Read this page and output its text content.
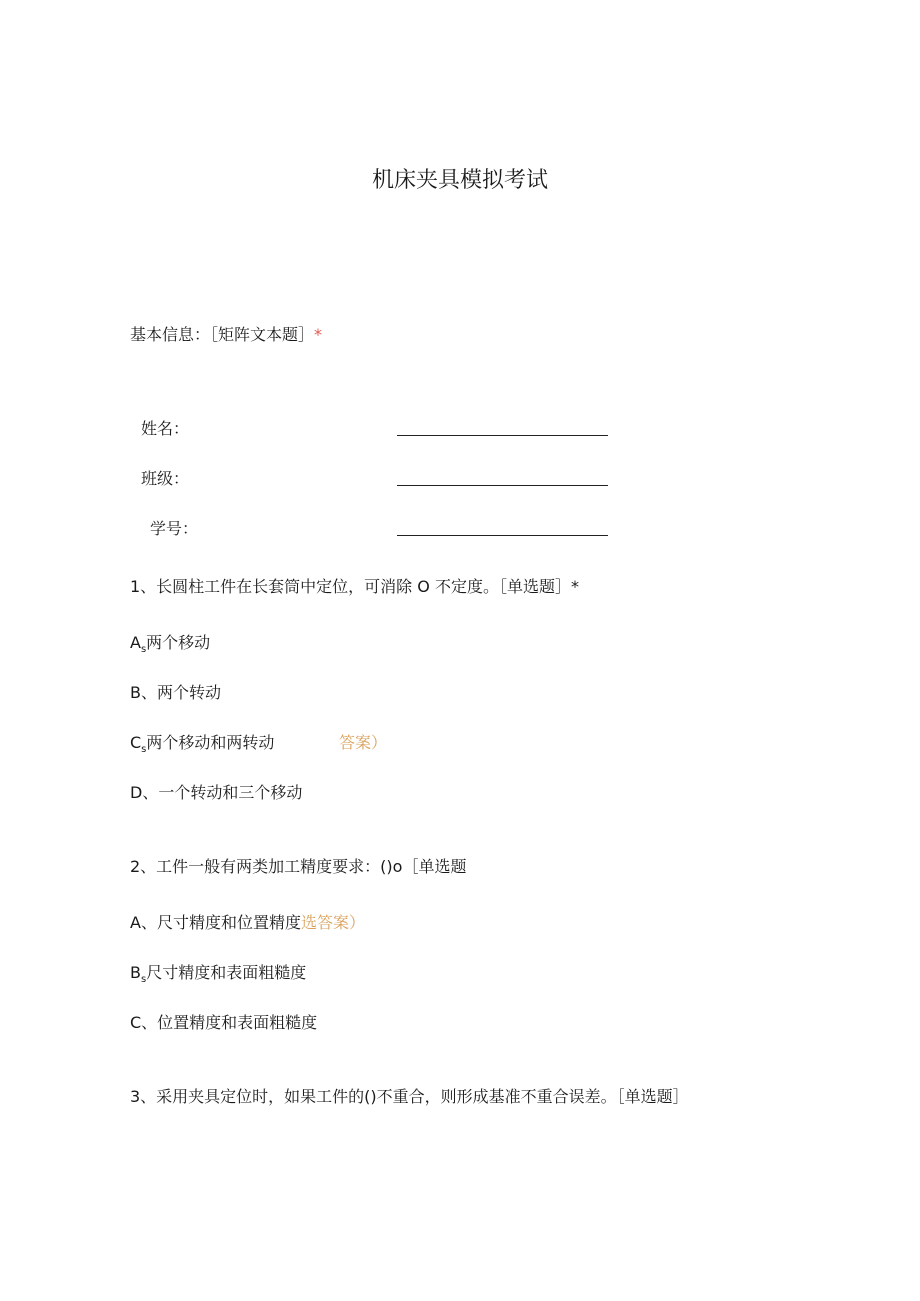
机床夹具模拟考试
基本信息：［矩阵文本题］*
姓名：
班级：
学号：
1、长圆柱工件在长套筒中定位，可消除 O 不定度。［单选题］*
$A_s$两个移动
B、两个转动
$C_s$两个移动和两转动	答案）
D、一个转动和三个移动
2、工件一般有两类加工精度要求：()o［单选题
A、尺寸精度和位置精度选答案）
$B_s$尺寸精度和表面粗糙度
C、位置精度和表面粗糙度
3、采用夹具定位时，如果工件的()不重合，则形成基准不重合误差。［单选题］
